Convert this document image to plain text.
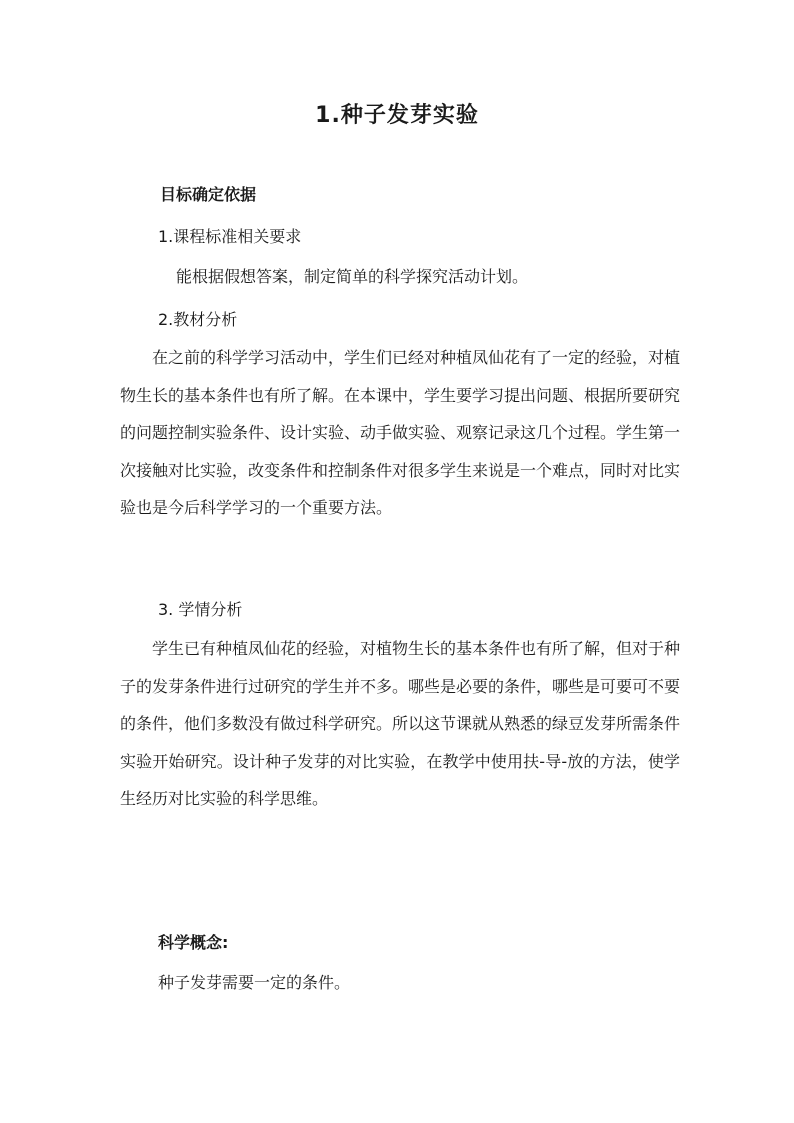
1.种子发芽实验
目标确定依据
1.课程标准相关要求
能根据假想答案，制定简单的科学探究活动计划。
2.教材分析

在之前的科学学习活动中，学生们已经对种植凤仙花有了一定的经验，对植物生长的基本条件也有所了解。在本课中，学生要学习提出问题、根据所要研究的问题控制实验条件、设计实验、动手做实验、观察记录这几个过程。学生第一次接触对比实验，改变条件和控制条件对很多学生来说是一个难点，同时对比实验也是今后科学学习的一个重要方法。

3. 学情分析

学生已有种植凤仙花的经验，对植物生长的基本条件也有所了解，但对于种子的发芽条件进行过研究的学生并不多。哪些是必要的条件，哪些是可要可不要的条件，他们多数没有做过科学研究。所以这节课就从熟悉的绿豆发芽所需条件实验开始研究。设计种子发芽的对比实验，在教学中使用扶-导-放的方法，使学生经历对比实验的科学思维。

科学概念:
种子发芽需要一定的条件。
